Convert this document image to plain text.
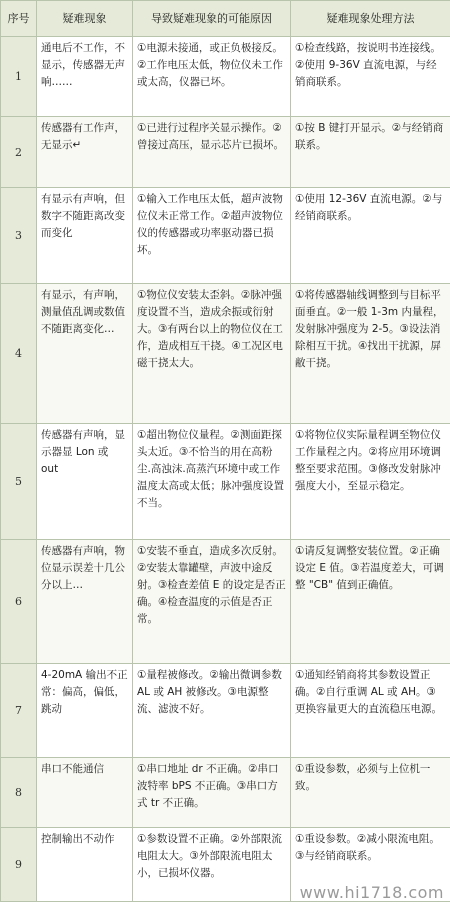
序号	疑难现象	导致疑难现象的可能原因	疑难现象处理方法
1	通电后不工作，不显示，传感器无声响……	①电源未接通，或正负极接反。②工作电压太低，物位仪未工作或太高，仪器已坏。	①检查线路，按说明书连接线。②使用 9-36V 直流电源，与经销商联系。
2	传感器有工作声，无显示↵	①已进行过程序关显示操作。②曾接过高压，显示芯片已损坏。	①按 B 键打开显示。②与经销商联系。
3	有显示有声响，但数字不随距离改变而变化	①输入工作电压太低，超声波物位仪未正常工作。②超声波物位仪的传感器或功率驱动器已损坏。	①使用 12-36V 直流电源。②与经销商联系。
4	有显示，有声响，测量值乱调或数值不随距离变化…	①物位仪安装太歪斜。②脉冲强度设置不当，造成余振或衍射大。③有两台以上的物位仪在工作，造成相互干挠。④工况区电磁干挠太大。	①将传感器轴线调整到与目标平面垂直。②一般 1-3m 内量程，发射脉冲强度为 2-5。③设法消除相互干扰。④找出干扰源，屏敝干挠。
5	传感器有声响，显示器显 Lon 或 out	①超出物位仪量程。②测面距探头太近。③不恰当的用在高粉尘.高浊沫.高蒸汽环境中或工作温度太高或太低；脉冲强度设置不当。	①将物位仪实际量程调至物位仪工作量程之内。②将应用环境调整至要求范围。③修改发射脉冲强度大小，至显示稳定。
6	传感器有声响，物位显示误差十几公分以上…	①安装不垂直，造成多次反射。②安装太靠罐壁，声波中途反射。③检查差值 E 的设定是否正确。④检查温度的示值是否正常。	①请反复调整安装位置。②正确设定 E 值。③若温度差大，可调整 "CB" 值到正确值。
7	4-20mA 输出不正常：偏高，偏低，跳动	①量程被修改。②输出微调参数 AL 或 AH 被修改。③电源整流、滤波不好。	①通知经销商将其参数设置正确。②自行重调 AL 或 AH。③更换容量更大的直流稳压电源。
8	串口不能通信	①串口地址 dr 不正确。②串口波特率 bPS 不正确。③串口方式 tr 不正确。	①重设参数，必须与上位机一致。
9	控制输出不动作	①参数设置不正确。②外部限流电阻太大。③外部限流电阻太小，已损坏仪器。	①重设参数。②减小限流电阻。③与经销商联系。
www.hi1718.com
